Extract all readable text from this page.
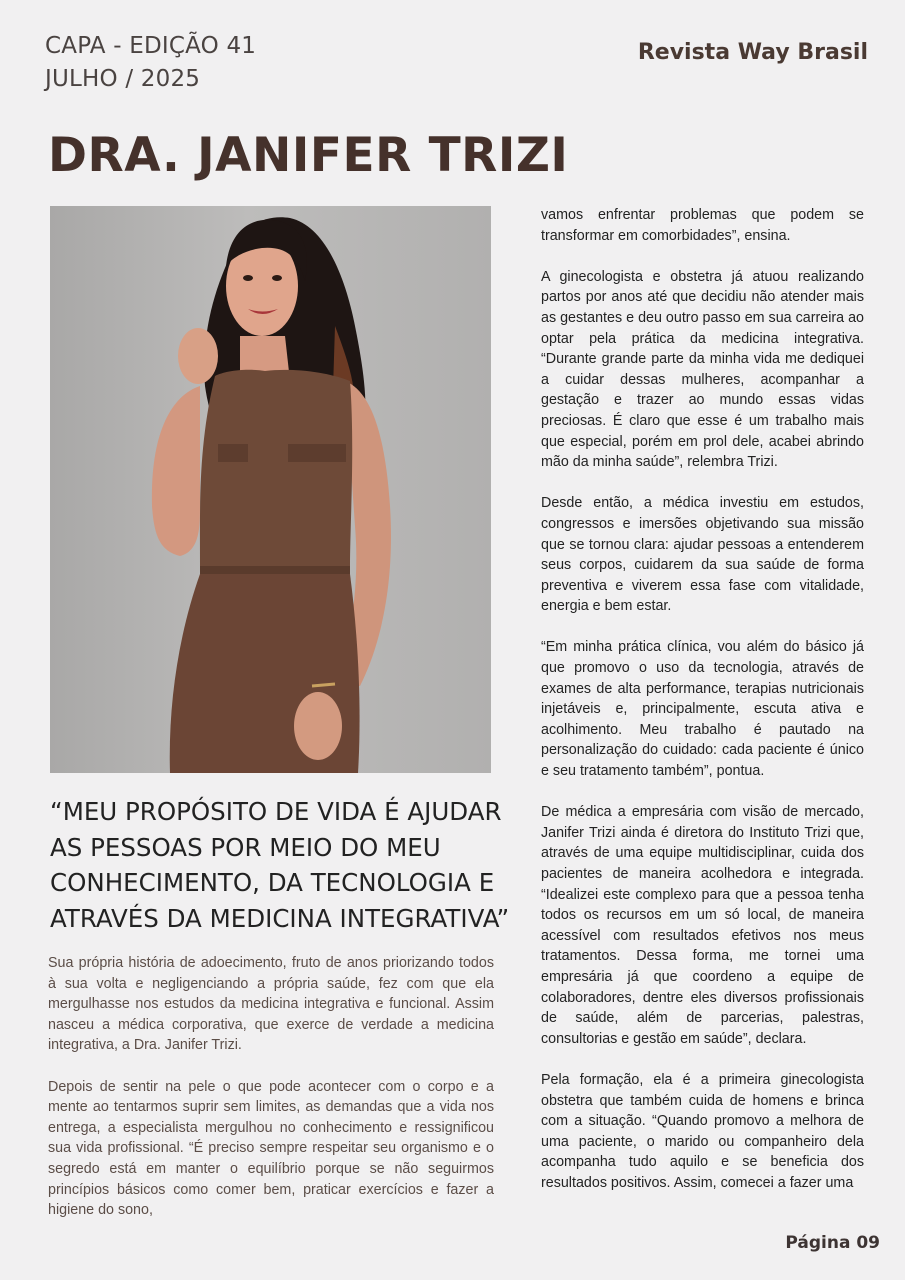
CAPA - EDIÇÃO 41
JULHO / 2025
Revista Way Brasil
DRA. JANIFER TRIZI
“MEU PROPÓSITO DE VIDA É AJUDAR
AS PESSOAS POR MEIO DO MEU
CONHECIMENTO, DA TECNOLOGIA E
ATRAVÉS DA MEDICINA INTEGRATIVA”

Sua própria história de adoecimento, fruto de anos priorizando todos à sua volta e negligenciando a própria saúde, fez com que ela mergulhasse nos estudos da medicina integrativa e funcional. Assim nasceu a médica corporativa, que exerce de verdade a medicina integrativa, a Dra. Janifer Trizi.

Depois de sentir na pele o que pode acontecer com o corpo e a mente ao tentarmos suprir sem limites, as demandas que a vida nos entrega, a especialista mergulhou no conhecimento e ressignificou sua vida profissional. “É preciso sempre respeitar seu organismo e o segredo está em manter o equilíbrio porque se não seguirmos princípios básicos como comer bem, praticar exercícios e fazer a higiene do sono,

vamos enfrentar problemas que podem se transformar em comorbidades”, ensina.

A ginecologista e obstetra já atuou realizando partos por anos até que decidiu não atender mais as gestantes e deu outro passo em sua carreira ao optar pela prática da medicina integrativa. “Durante grande parte da minha vida me dediquei a cuidar dessas mulheres, acompanhar a gestação e trazer ao mundo essas vidas preciosas. É claro que esse é um trabalho mais que especial, porém em prol dele, acabei abrindo mão da minha saúde”, relembra Trizi.

Desde então, a médica investiu em estudos, congressos e imersões objetivando sua missão que se tornou clara: ajudar pessoas a entenderem seus corpos, cuidarem da sua saúde de forma preventiva e viverem essa fase com vitalidade, energia e bem estar.

“Em minha prática clínica, vou além do básico já que promovo o uso da tecnologia, através de exames de alta performance, terapias nutricionais injetáveis e, principalmente, escuta ativa e acolhimento. Meu trabalho é pautado na personalização do cuidado: cada paciente é único e seu tratamento também”, pontua.

De médica a empresária com visão de mercado, Janifer Trizi ainda é diretora do Instituto Trizi que, através de uma equipe multidisciplinar, cuida dos pacientes de maneira acolhedora e integrada. “Idealizei este complexo para que a pessoa tenha todos os recursos em um só local, de maneira acessível com resultados efetivos nos meus tratamentos. Dessa forma, me tornei uma empresária já que coordeno a equipe de colaboradores, dentre eles diversos profissionais de saúde, além de parcerias, palestras, consultorias e gestão em saúde”, declara.

Pela formação, ela é a primeira ginecologista obstetra que também cuida de homens e brinca com a situação. “Quando promovo a melhora de uma paciente, o marido ou companheiro dela acompanha tudo aquilo e se beneficia dos resultados positivos. Assim, comecei a fazer uma

Página 09
